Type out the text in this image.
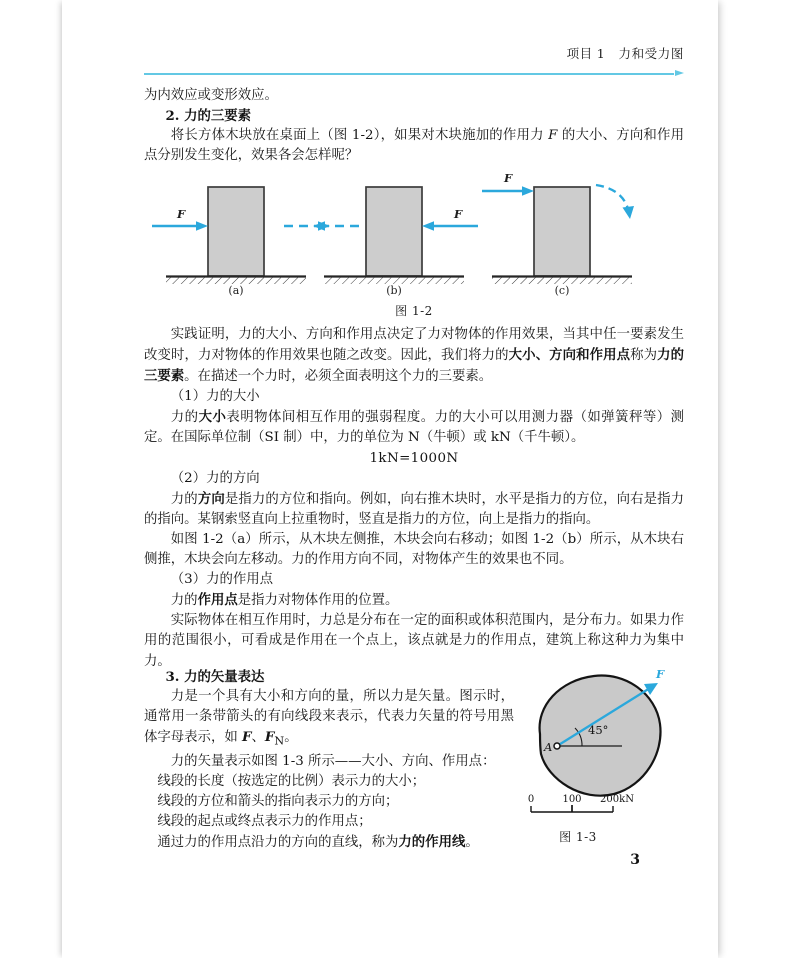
项目 1 力和受力图

为内效应或变形效应。

2. 力的三要素

将长方体木块放在桌面上（图 1-2），如果对木块施加的作用力 F 的大小、方向和作用点分别发生变化，效果各会怎样呢？

F	F
F
(a)	(b)	(c)
图 1-2

实践证明，力的大小、方向和作用点决定了力对物体的作用效果，当其中任一要素发生改变时，力对物体的作用效果也随之改变。因此，我们将力的大小、方向和作用点称为力的三要素。在描述一个力时，必须全面表明这个力的三要素。

（1）力的大小

力的大小表明物体间相互作用的强弱程度。力的大小可以用测力器（如弹簧秤等）测定。在国际单位制（SI 制）中，力的单位为 N（牛顿）或 kN（千牛顿）。

1kN=1000N

（2）力的方向

力的方向是指力的方位和指向。例如，向右推木块时，水平是指力的方位，向右是指力的指向。某钢索竖直向上拉重物时，竖直是指力的方位，向上是指力的指向。

如图 1-2（a）所示，从木块左侧推，木块会向右移动；如图 1-2（b）所示，从木块右侧推，木块会向左移动。力的作用方向不同，对物体产生的效果也不同。

（3）力的作用点

力的作用点是指力对物体作用的位置。

实际物体在相互作用时，力总是分布在一定的面积或体积范围内，是分布力。如果力作用的范围很小，可看成是作用在一个点上，该点就是力的作用点，建筑上称这种力为集中力。

3. 力的矢量表达

力是一个具有大小和方向的量，所以力是矢量。图示时，通常用一条带箭头的有向线段来表示，代表力矢量的符号用黑体字母表示，如 F、$F_N$。

力的矢量表示如图 1-3 所示——大小、方向、作用点：

线段的长度（按选定的比例）表示力的大小；

线段的方位和箭头的指向表示力的方向；

线段的起点或终点表示力的作用点；

通过力的作用点沿力的方向的直线，称为力的作用线。

A
45°
F
0	100 200kN
图 1-3
3
